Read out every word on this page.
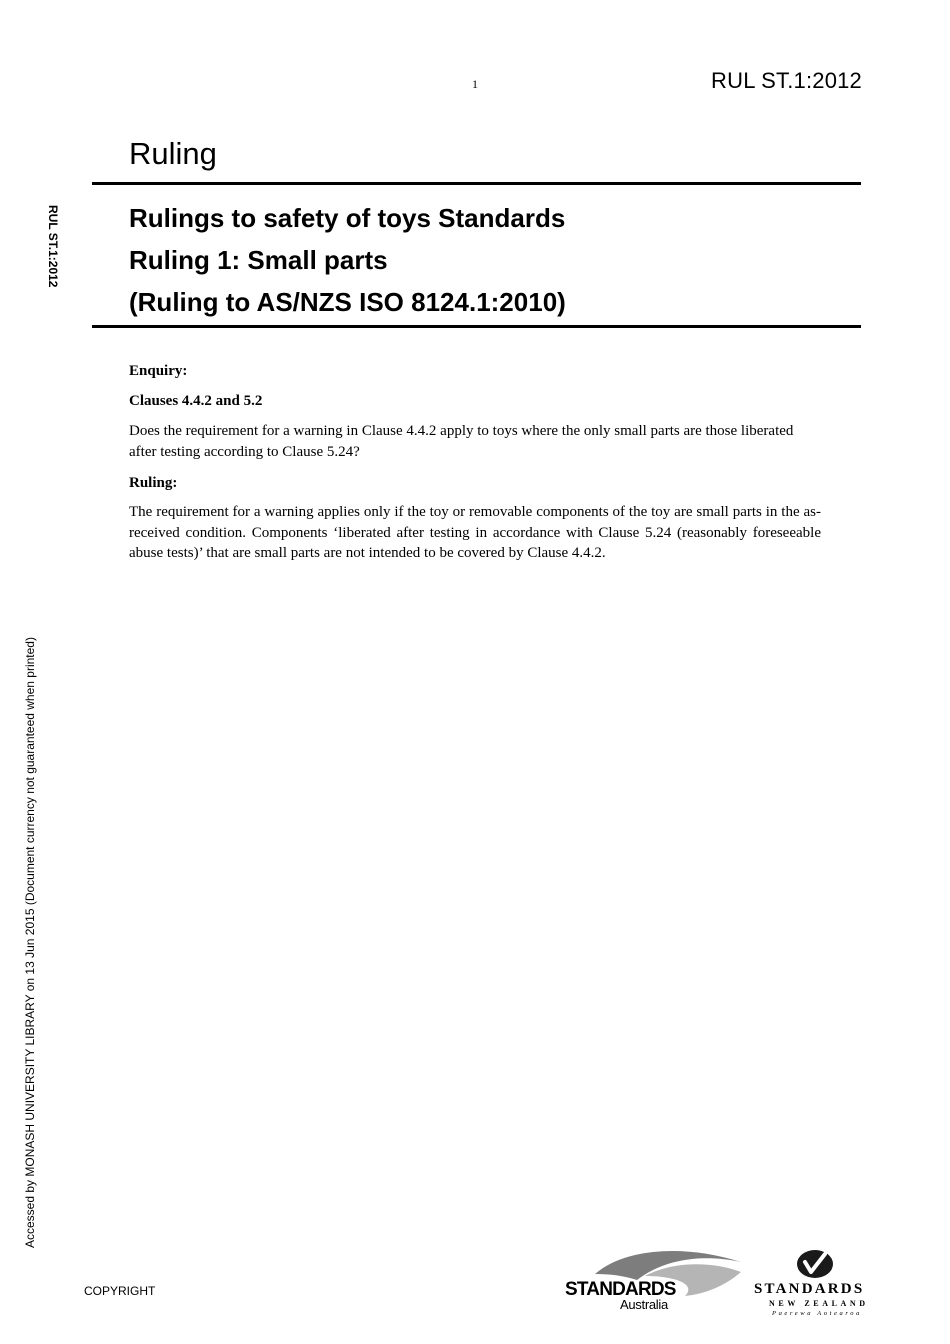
1	RUL ST.1:2012
Ruling
Rulings to safety of toys Standards
Ruling 1: Small parts
(Ruling to AS/NZS ISO 8124.1:2010)
RUL ST.1:2012
Accessed by MONASH UNIVERSITY LIBRARY on 13 Jun 2015 (Document currency not guaranteed when printed)
Enquiry:
Clauses 4.4.2 and 5.2
Does the requirement for a warning in Clause 4.4.2 apply to toys where the only small parts are those liberated after testing according to Clause 5.24?
Ruling:
The requirement for a warning applies only if the toy or removable components of the toy are small parts in the as-received condition. Components ‘liberated after testing in accordance with Clause 5.24 (reasonably foreseeable abuse tests)’ that are small parts are not intended to be covered by Clause 4.4.2.
COPYRIGHT	STANDARDS
Australia
STANDARDS
NEW ZEALAND
Paerewa Aotearoa
